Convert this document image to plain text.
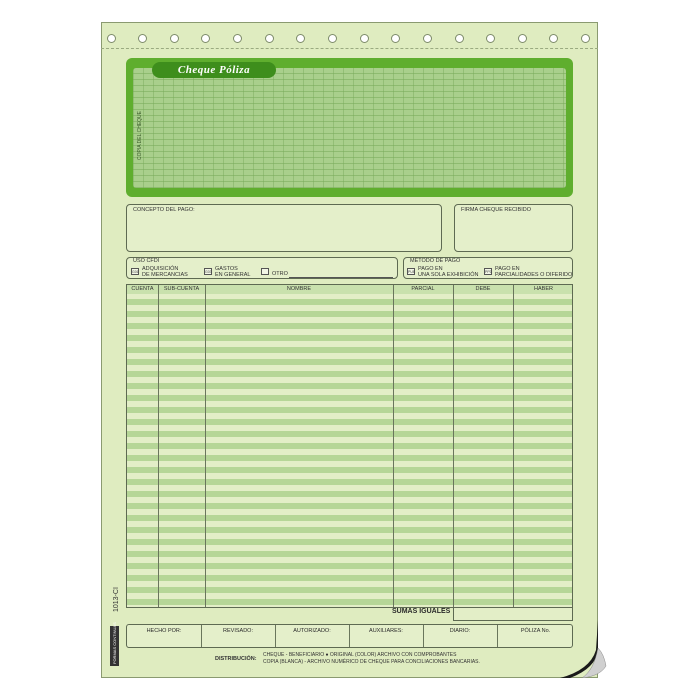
Cheque Póliza
COPIA DEL CHEQUE
CONCEPTO DEL PAGO:	FIRMA CHEQUE RECIBIDO
USO CFDI
G01 ADQUISICIÓN
DE MERCANCIAS	G03 GASTOS
EN GENERAL	OTRO
MÉTODO DE PAGO
PUE PAGO EN
UNA SOLA EXHIBICIÓN PPD PAGO EN
PARCIALIDADES O DIFERIDO
CUENTA	SUB-CUENTA	NOMBRE	PARCIAL	DEBE	HABER
SUMAS IGUALES
HECHO POR:	REVISADO:	AUTORIZADO:	AUXILIARES:	DIARIO:	PÓLIZA No.
DISTRIBUCIÓN:
CHEQUE - BENEFICIARIO ● ORIGINAL (COLOR) ARCHIVO CON COMPROBANTES
COPIA (BLANCA) - ARCHIVO NUMÉRICO DE CHEQUE PARA CONCILIACIONES BANCARIAS.
1013-CI
FORMAS CONTINUAS
